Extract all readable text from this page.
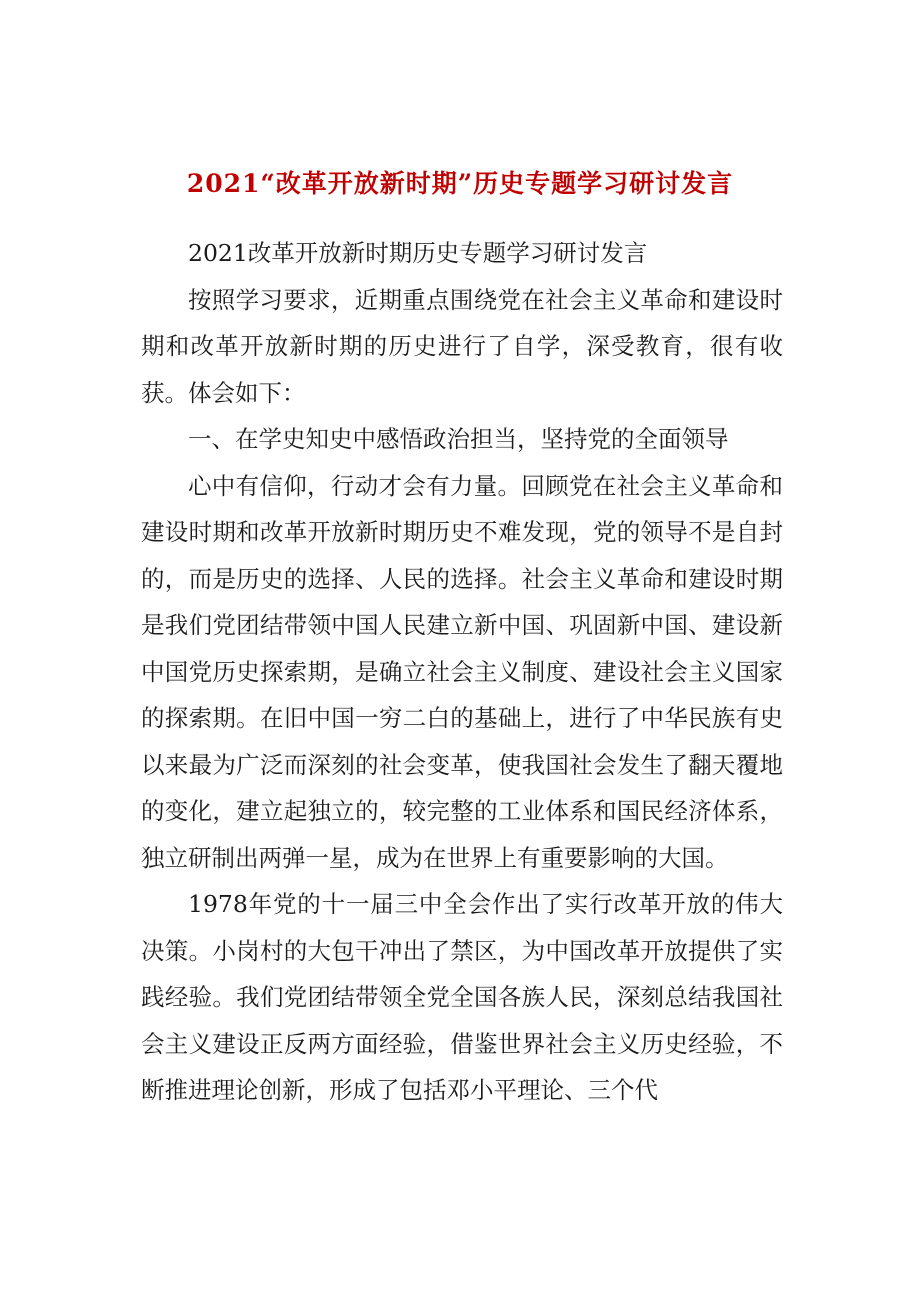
2021“改革开放新时期”历史专题学习研讨发言

2021改革开放新时期历史专题学习研讨发言

按照学习要求，近期重点围绕党在社会主义革命和建设时期和改革开放新时期的历史进行了自学，深受教育，很有收获。体会如下：

一、在学史知史中感悟政治担当，坚持党的全面领导

心中有信仰，行动才会有力量。回顾党在社会主义革命和建设时期和改革开放新时期历史不难发现，党的领导不是自封的，而是历史的选择、人民的选择。社会主义革命和建设时期是我们党团结带领中国人民建立新中国、巩固新中国、建设新中国党历史探索期，是确立社会主义制度、建设社会主义国家的探索期。在旧中国一穷二白的基础上，进行了中华民族有史以来最为广泛而深刻的社会变革，使我国社会发生了翻天覆地的变化，建立起独立的，较完整的工业体系和国民经济体系，独立研制出两弹一星，成为在世界上有重要影响的大国。

1978年党的十一届三中全会作出了实行改革开放的伟大决策。小岗村的大包干冲出了禁区，为中国改革开放提供了实践经验。我们党团结带领全党全国各族人民，深刻总结我国社会主义建设正反两方面经验，借鉴世界社会主义历史经验，不断推进理论创新，形成了包括邓小平理论、三个代
